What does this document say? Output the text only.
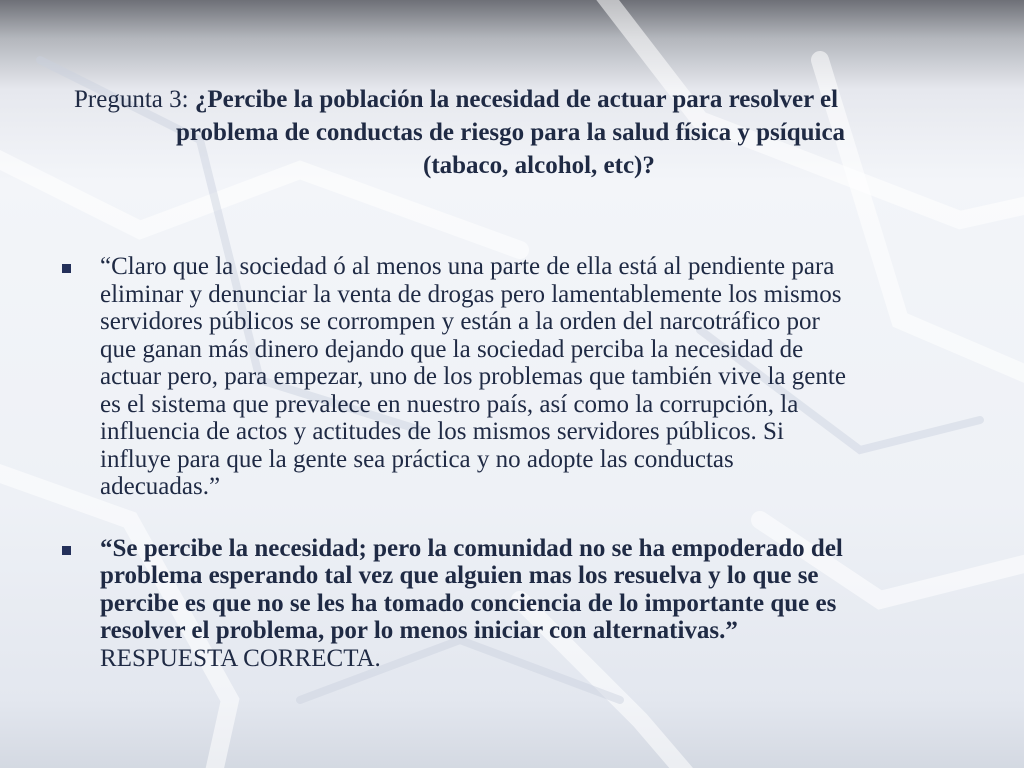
Pregunta 3: ¿Percibe la población la necesidad de actuar para resolver el
problema de conductas de riesgo para la salud física y psíquica
(tabaco, alcohol, etc)?
“Claro que la sociedad ó al menos una parte de ella está al pendiente para
eliminar y denunciar la venta de drogas pero lamentablemente los mismos
servidores públicos se corrompen y están a la orden del narcotráfico por
que ganan más dinero dejando que la sociedad perciba la necesidad de
actuar pero, para empezar, uno de los problemas que también vive la gente
es el sistema que prevalece en nuestro país, así como la corrupción, la
influencia de actos y actitudes de los mismos servidores públicos. Si
influye para que la gente sea práctica y no adopte las conductas
adecuadas.”
“Se percibe la necesidad; pero la comunidad no se ha empoderado del
problema esperando tal vez que alguien mas los resuelva y lo que se
percibe es que no se les ha tomado conciencia de lo importante que es
resolver el problema, por lo menos iniciar con alternativas.”
RESPUESTA CORRECTA.
